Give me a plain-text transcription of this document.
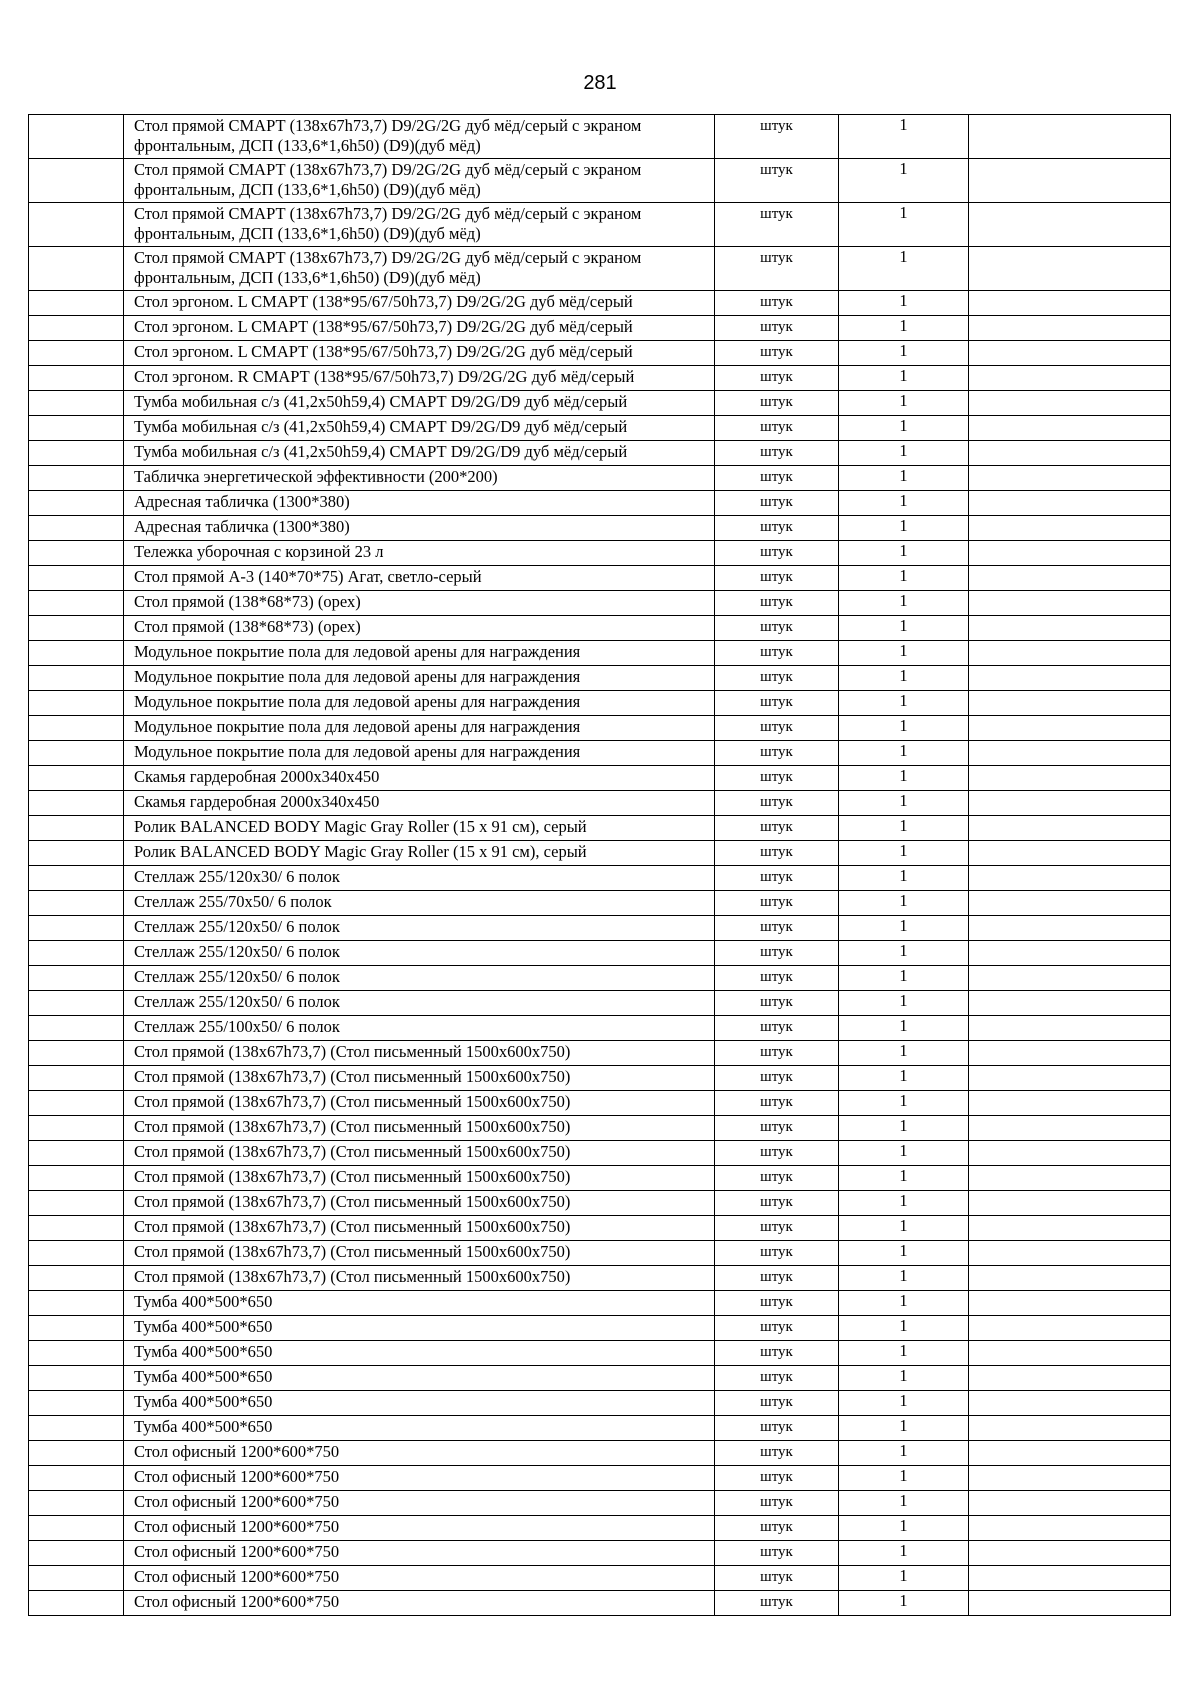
281
	Стол прямой СМАРТ (138х67h73,7) D9/2G/2G дуб мёд/серый с экраном фронтальным, ДСП (133,6*1,6h50) (D9)(дуб мёд)	штук	1	
	Стол прямой СМАРТ (138х67h73,7) D9/2G/2G дуб мёд/серый с экраном фронтальным, ДСП (133,6*1,6h50) (D9)(дуб мёд)	штук	1	
	Стол прямой СМАРТ (138х67h73,7) D9/2G/2G дуб мёд/серый с экраном фронтальным, ДСП (133,6*1,6h50) (D9)(дуб мёд)	штук	1	
	Стол прямой СМАРТ (138х67h73,7) D9/2G/2G дуб мёд/серый с экраном фронтальным, ДСП (133,6*1,6h50) (D9)(дуб мёд)	штук	1	
	Стол эргоном. L СМАРТ (138*95/67/50h73,7) D9/2G/2G дуб мёд/серый	штук	1	
	Стол эргоном. L СМАРТ (138*95/67/50h73,7) D9/2G/2G дуб мёд/серый	штук	1	
	Стол эргоном. L СМАРТ (138*95/67/50h73,7) D9/2G/2G дуб мёд/серый	штук	1	
	Стол эргоном. R СМАРТ (138*95/67/50h73,7) D9/2G/2G дуб мёд/серый	штук	1	
	Тумба мобильная с/з (41,2х50h59,4) СМАРТ D9/2G/D9 дуб мёд/серый	штук	1	
	Тумба мобильная с/з (41,2х50h59,4) СМАРТ D9/2G/D9 дуб мёд/серый	штук	1	
	Тумба мобильная с/з (41,2х50h59,4) СМАРТ D9/2G/D9 дуб мёд/серый	штук	1	
	Табличка энергетической эффективности (200*200)	штук	1	
	Адресная табличка (1300*380)	штук	1	
	Адресная табличка (1300*380)	штук	1	
	Тележка уборочная с корзиной 23 л	штук	1	
	Стол прямой А-3 (140*70*75) Агат, светло-серый	штук	1	
	Стол прямой (138*68*73) (орех)	штук	1	
	Стол прямой (138*68*73) (орех)	штук	1	
	Модульное покрытие пола для ледовой арены для награждения	штук	1	
	Модульное покрытие пола для ледовой арены для награждения	штук	1	
	Модульное покрытие пола для ледовой арены для награждения	штук	1	
	Модульное покрытие пола для ледовой арены для награждения	штук	1	
	Модульное покрытие пола для ледовой арены для награждения	штук	1	
	Скамья гардеробная 2000х340х450	штук	1	
	Скамья гардеробная 2000х340х450	штук	1	
	Ролик BALANCED BODY Magic Gray Roller (15 х 91 см), серый	штук	1	
	Ролик BALANCED BODY Magic Gray Roller (15 х 91 см), серый	штук	1	
	Стеллаж 255/120х30/ 6 полок	штук	1	
	Стеллаж 255/70х50/ 6 полок	штук	1	
	Стеллаж 255/120х50/ 6 полок	штук	1	
	Стеллаж 255/120х50/ 6 полок	штук	1	
	Стеллаж 255/120х50/ 6 полок	штук	1	
	Стеллаж 255/120х50/ 6 полок	штук	1	
	Стеллаж 255/100х50/ 6 полок	штук	1	
	Стол прямой (138х67h73,7) (Стол письменный 1500х600х750)	штук	1	
	Стол прямой (138х67h73,7) (Стол письменный 1500х600х750)	штук	1	
	Стол прямой (138х67h73,7) (Стол письменный 1500х600х750)	штук	1	
	Стол прямой (138х67h73,7) (Стол письменный 1500х600х750)	штук	1	
	Стол прямой (138х67h73,7) (Стол письменный 1500х600х750)	штук	1	
	Стол прямой (138х67h73,7) (Стол письменный 1500х600х750)	штук	1	
	Стол прямой (138х67h73,7) (Стол письменный 1500х600х750)	штук	1	
	Стол прямой (138х67h73,7) (Стол письменный 1500х600х750)	штук	1	
	Стол прямой (138х67h73,7) (Стол письменный 1500х600х750)	штук	1	
	Стол прямой (138х67h73,7) (Стол письменный 1500х600х750)	штук	1	
	Тумба 400*500*650	штук	1	
	Тумба 400*500*650	штук	1	
	Тумба 400*500*650	штук	1	
	Тумба 400*500*650	штук	1	
	Тумба 400*500*650	штук	1	
	Тумба 400*500*650	штук	1	
	Стол офисный 1200*600*750	штук	1	
	Стол офисный 1200*600*750	штук	1	
	Стол офисный 1200*600*750	штук	1	
	Стол офисный 1200*600*750	штук	1	
	Стол офисный 1200*600*750	штук	1	
	Стол офисный 1200*600*750	штук	1	
	Стол офисный 1200*600*750	штук	1	
